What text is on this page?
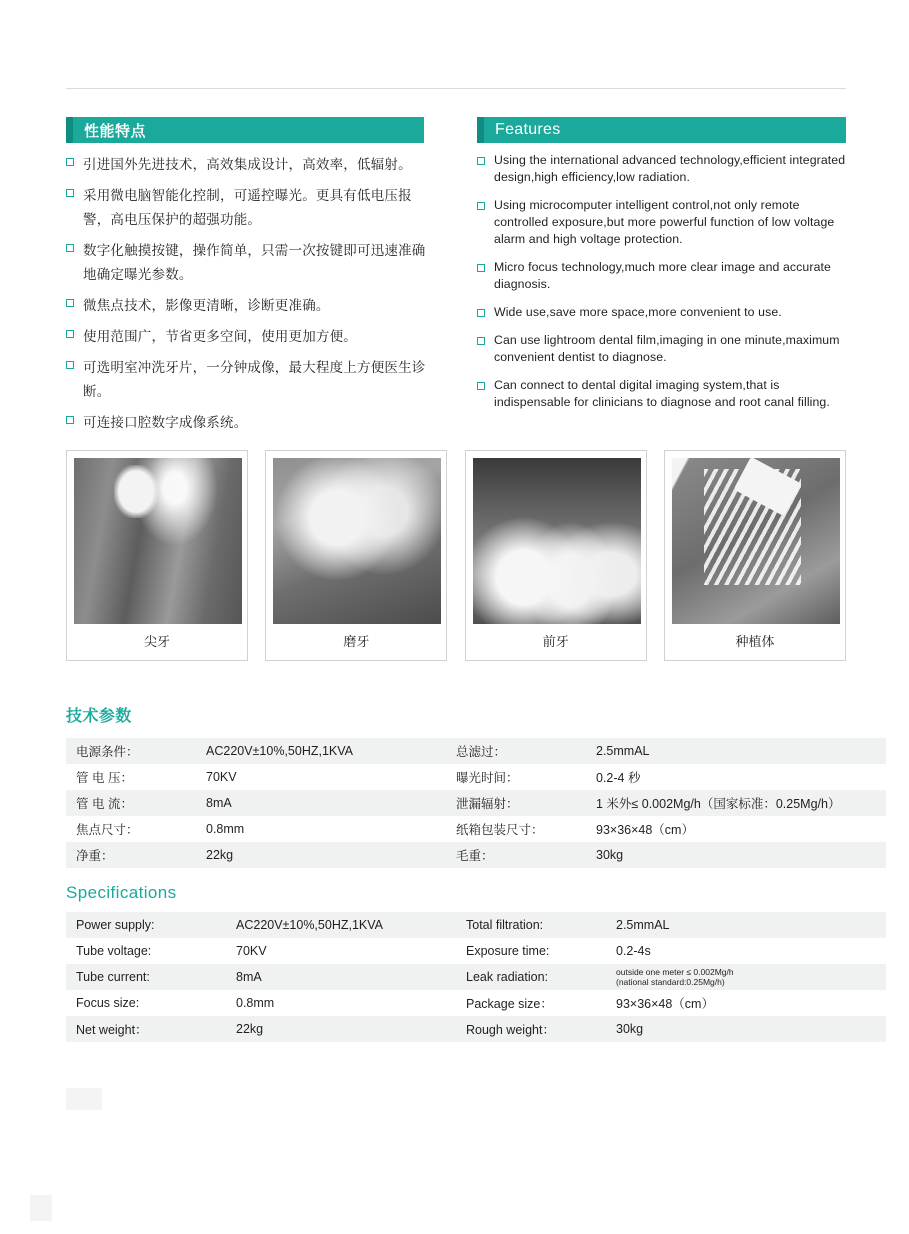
性能特点	Features
引进国外先进技术，高效集成设计，高效率，低辐射。
采用微电脑智能化控制，可遥控曝光。更具有低电压报警，高电压保护的超强功能。
数字化触摸按键，操作简单，只需一次按键即可迅速准确地确定曝光参数。
微焦点技术，影像更清晰，诊断更准确。
使用范围广，节省更多空间，使用更加方便。
可选明室冲洗牙片，一分钟成像，最大程度上方便医生诊断。
可连接口腔数字成像系统。
Using the international advanced technology,efficient integrated design,high efficiency,low radiation.
Using microcomputer intelligent control,not only remote controlled exposure,but more powerful function of low voltage alarm and high voltage protection.
Micro focus technology,much more clear image and accurate diagnosis.
Wide use,save more space,more convenient to use.
Can use lightroom dental film,imaging in one minute,maximum convenient dentist to diagnose.
Can connect to dental digital imaging system,that is indispensable for clinicians to diagnose and root canal filling.
尖牙	磨牙	前牙	种植体
技术参数
电源条件：	AC220V±10%,50HZ,1KVA	总滤过：	2.5mmAL
管 电 压：	70KV	曝光时间：	0.2-4 秒
管 电 流：	8mA	泄漏辐射：	1 米外≤ 0.002Mg/h（国家标准：0.25Mg/h）
焦点尺寸：	0.8mm	纸箱包装尺寸：	93×36×48（cm）
净重：	22kg	毛重：	30kg
Specifications
Power supply:	AC220V±10%,50HZ,1KVA	Total filtration:	2.5mmAL
Tube voltage:	70KV	Exposure time:	0.2-4s
Tube current:	8mA	Leak radiation:	outside one meter ≤ 0.002Mg/h
(national standard:0.25Mg/h)

Focus size:	0.8mm	Package size：	93×36×48（cm）
Net weight：	22kg	Rough weight：	30kg
